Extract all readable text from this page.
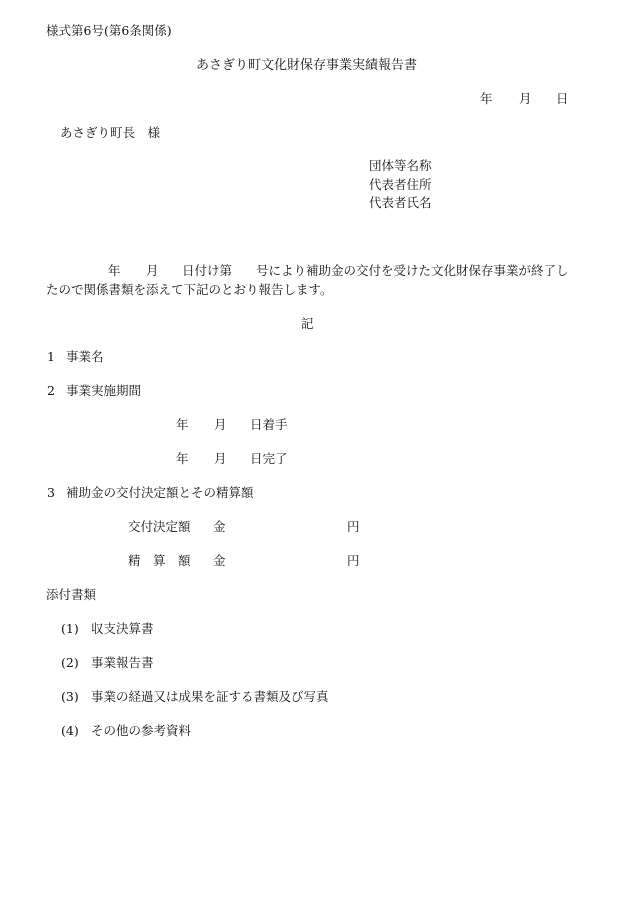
様式第6号(第6条関係)
あさぎり町文化財保存事業実績報告書
年 月 日
あさぎり町長　様
団体等名称
代表者住所
代表者氏名
年 月 日付け第 号により補助金の交付を受けた文化財保存事業が終了し
たので関係書類を添えて下記のとおり報告します。
記
1 事業名
2 事業実施期間
年 月 日着手
年 月 日完了
3 補助金の交付決定額とその精算額
交付決定額 金	円
精　算　額 金	円
添付書類
(1) 収支決算書
(2) 事業報告書
(3) 事業の経過又は成果を証する書類及び写真
(4) その他の参考資料
